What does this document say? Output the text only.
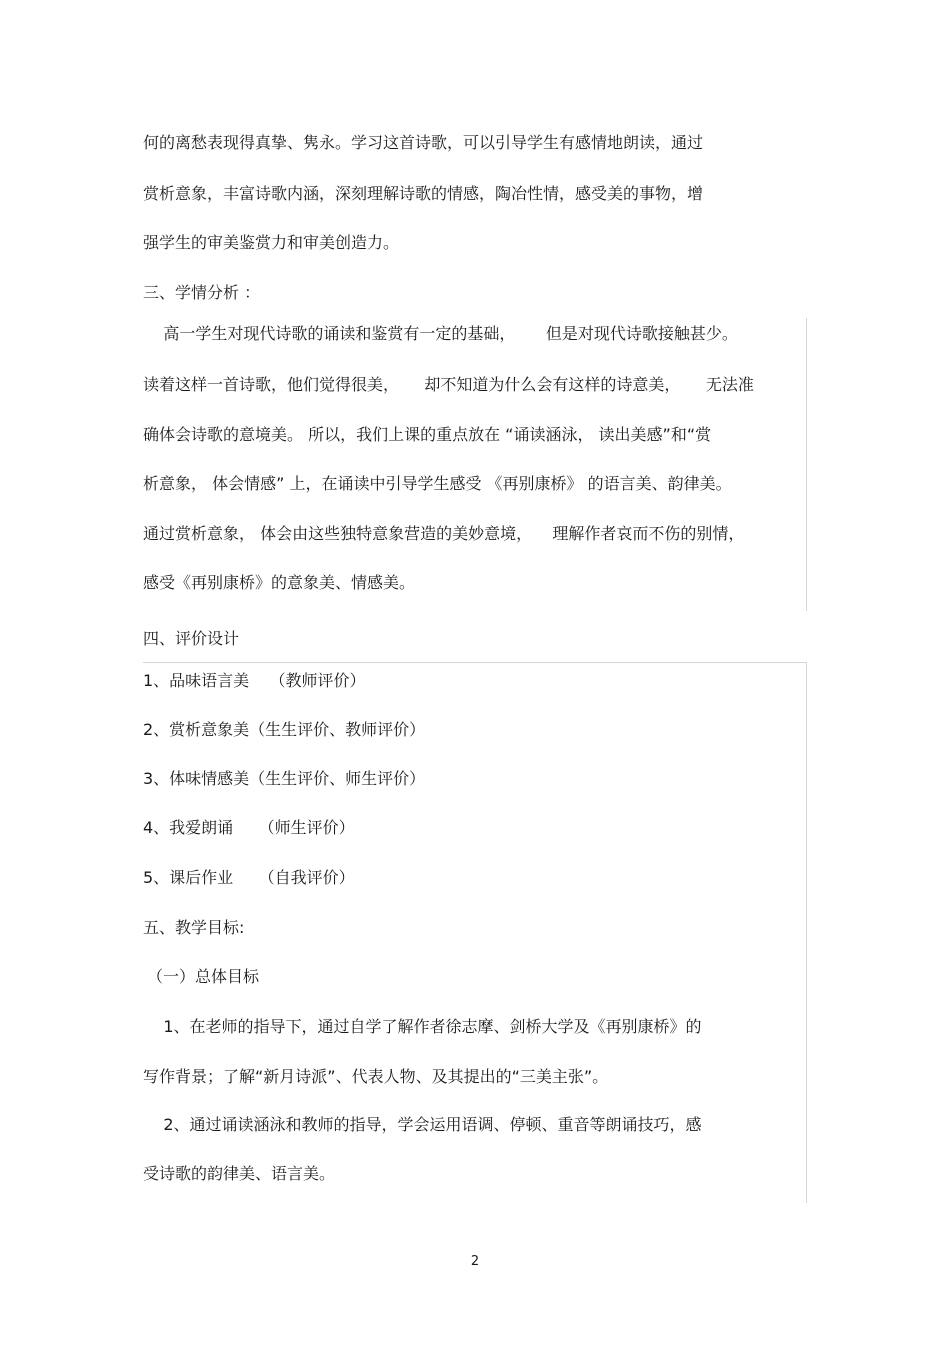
何的离愁表现得真挚、隽永。学习这首诗歌，可以引导学生有感情地朗读，通过

赏析意象，丰富诗歌内涵，深刻理解诗歌的情感，陶冶性情，感受美的事物，增

强学生的审美鉴赏力和审美创造力。

三、学情分析 ：

高一学生对现代诗歌的诵读和鉴赏有一定的基础，      但是对现代诗歌接触甚少。

读着这样一首诗歌，他们觉得很美，     却不知道为什么会有这样的诗意美，     无法准

确体会诗歌的意境美。 所以，我们上课的重点放在 “诵读涵泳， 读出美感”和“赏

析意象， 体会情感” 上，在诵读中引导学生感受 《再别康桥》 的语言美、韵律美。

通过赏析意象， 体会由这些独特意象营造的美妙意境，    理解作者哀而不伤的别情，

感受《再别康桥》的意象美、情感美。

四、评价设计

1、品味语言美    （教师评价）

2、赏析意象美（生生评价、教师评价）

3、体味情感美（生生评价、师生评价）

4、我爱朗诵     （师生评价）

5、课后作业     （自我评价）

五、教学目标:

（一）总体目标

1、在老师的指导下，通过自学了解作者徐志摩、剑桥大学及《再别康桥》的

写作背景；了解“新月诗派”、代表人物、及其提出的“三美主张”。

2、通过诵读涵泳和教师的指导，学会运用语调、停顿、重音等朗诵技巧，感

受诗歌的韵律美、语言美。

2
